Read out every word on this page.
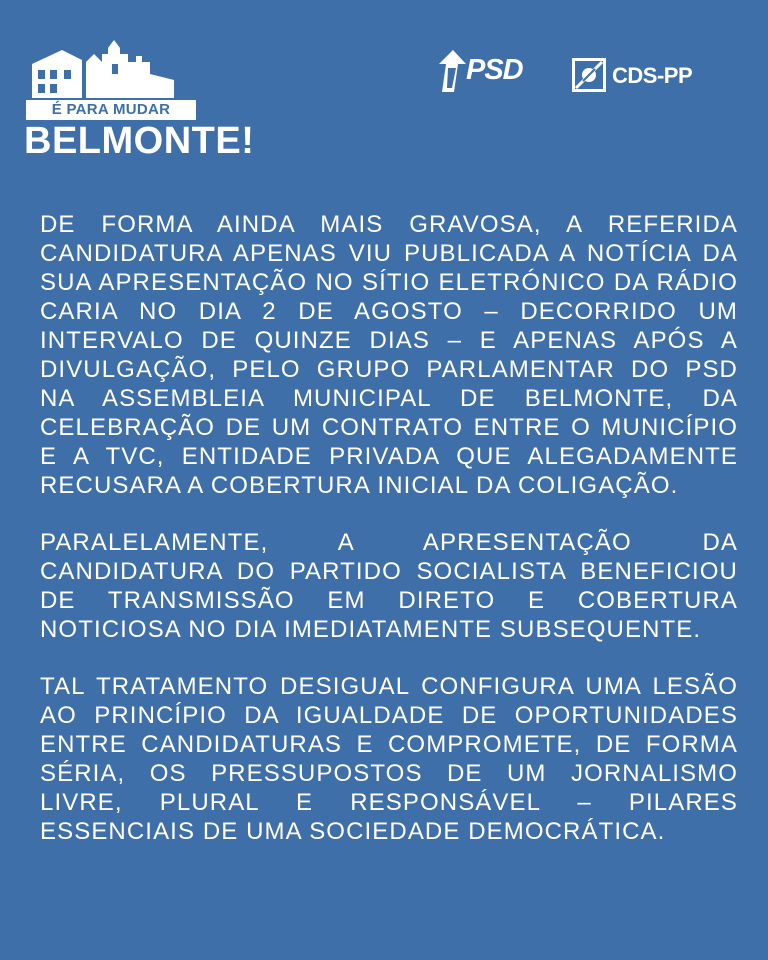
É PARA MUDAR
BELMONTE!
PSD	CDS-PP

DE FORMA AINDA MAIS GRAVOSA, A REFERIDA CANDIDATURA APENAS VIU PUBLICADA A NOTÍCIA DA SUA APRESENTAÇÃO NO SÍTIO ELETRÓNICO DA RÁDIO CARIA NO DIA 2 DE AGOSTO – DECORRIDO UM INTERVALO DE QUINZE DIAS – E APENAS APÓS A DIVULGAÇÃO, PELO GRUPO PARLAMENTAR DO PSD NA ASSEMBLEIA MUNICIPAL DE BELMONTE, DA CELEBRAÇÃO DE UM CONTRATO ENTRE O MUNICÍPIO E A TVC, ENTIDADE PRIVADA QUE ALEGADAMENTE RECUSARA A COBERTURA INICIAL DA COLIGAÇÃO.

PARALELAMENTE, A APRESENTAÇÃO DA CANDIDATURA DO PARTIDO SOCIALISTA BENEFICIOU DE TRANSMISSÃO EM DIRETO E COBERTURA NOTICIOSA NO DIA IMEDIATAMENTE SUBSEQUENTE.

TAL TRATAMENTO DESIGUAL CONFIGURA UMA LESÃO AO PRINCÍPIO DA IGUALDADE DE OPORTUNIDADES ENTRE CANDIDATURAS E COMPROMETE, DE FORMA SÉRIA, OS PRESSUPOSTOS DE UM JORNALISMO LIVRE, PLURAL E RESPONSÁVEL – PILARES ESSENCIAIS DE UMA SOCIEDADE DEMOCRÁTICA.
